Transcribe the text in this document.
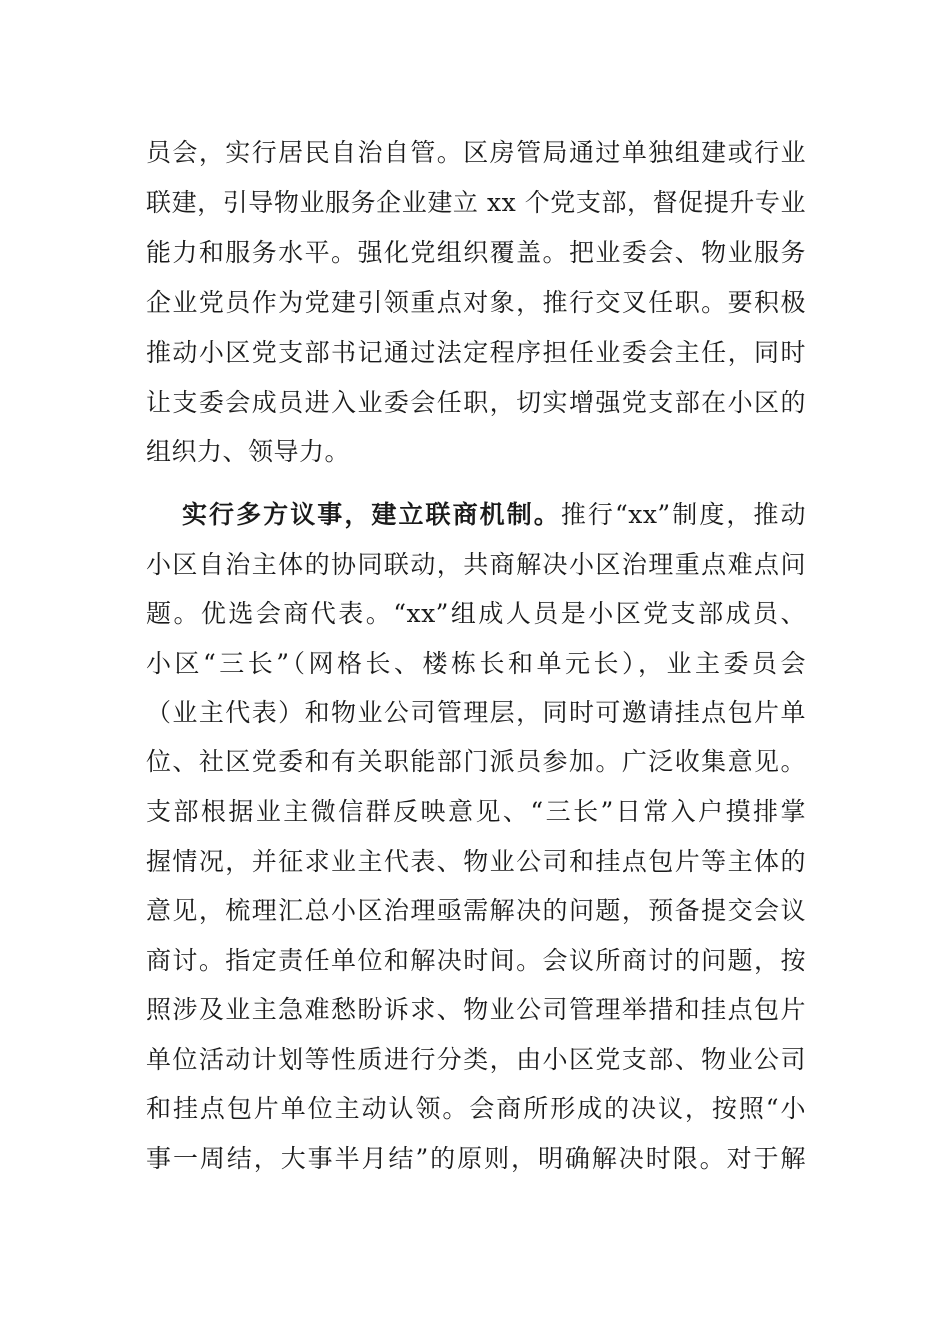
员会，实行居民自治自管。区房管局通过单独组建或行业
联建，引导物业服务企业建立 xx 个党支部，督促提升专业
能力和服务水平。强化党组织覆盖。把业委会、物业服务
企业党员作为党建引领重点对象，推行交叉任职。要积极
推动小区党支部书记通过法定程序担任业委会主任，同时
让支委会成员进入业委会任职，切实增强党支部在小区的
组织力、领导力。
实行多方议事，建立联商机制。推行“xx”制度，推动
小区自治主体的协同联动，共商解决小区治理重点难点问
题。优选会商代表。“xx”组成人员是小区党支部成员、
小区“三长”（网格长、楼栋长和单元长），业主委员会
（业主代表）和物业公司管理层，同时可邀请挂点包片单
位、社区党委和有关职能部门派员参加。广泛收集意见。
支部根据业主微信群反映意见、“三长”日常入户摸排掌
握情况，并征求业主代表、物业公司和挂点包片等主体的
意见，梳理汇总小区治理亟需解决的问题，预备提交会议
商讨。指定责任单位和解决时间。会议所商讨的问题，按
照涉及业主急难愁盼诉求、物业公司管理举措和挂点包片
单位活动计划等性质进行分类，由小区党支部、物业公司
和挂点包片单位主动认领。会商所形成的决议，按照“小
事一周结，大事半月结”的原则，明确解决时限。对于解
